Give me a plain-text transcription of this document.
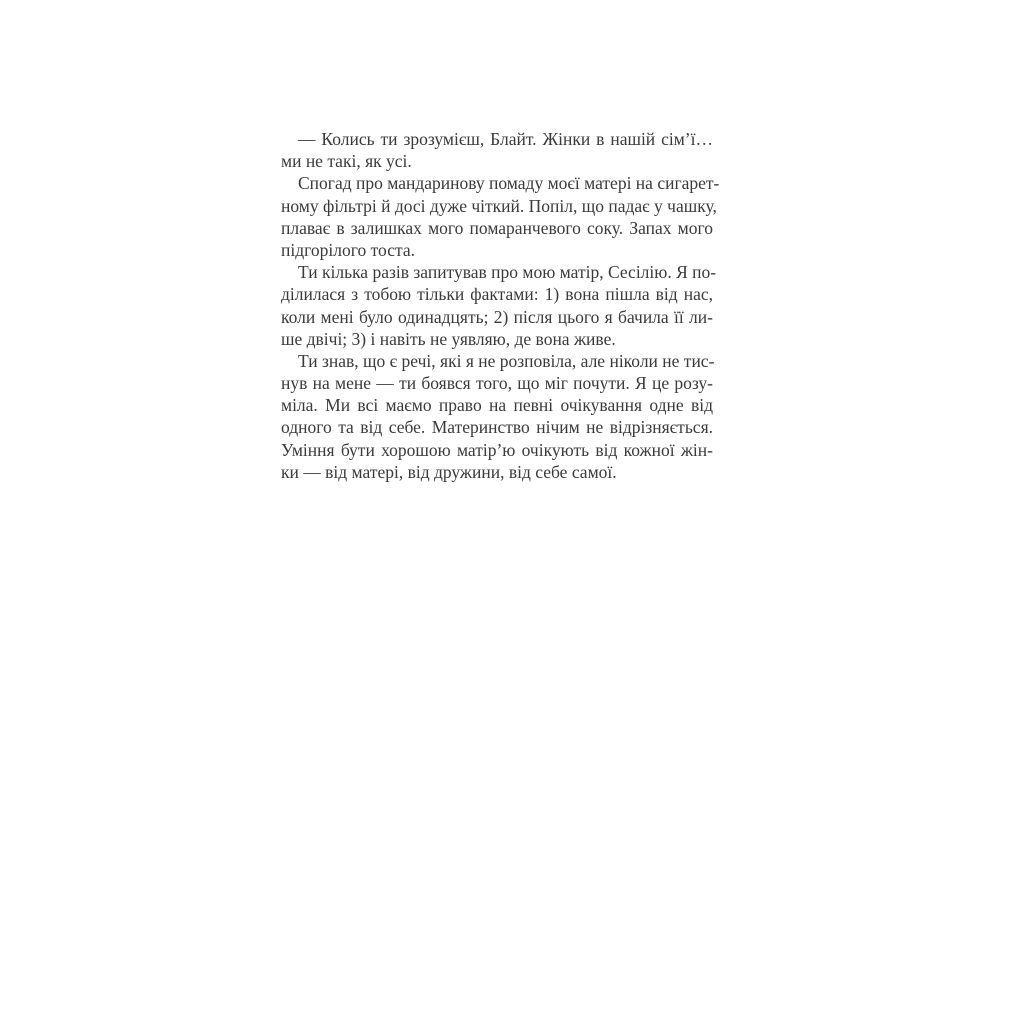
— Колись ти зрозумієш, Блайт. Жінки в нашій сім’ї…
ми не такі, як усі.
Спогад про мандаринову помаду моєї матері на сигарет-
ному фільтрі й досі дуже чіткий. Попіл, що падає у чашку,
плаває в залишках мого помаранчевого соку. Запах мого
підгорілого тоста.
Ти кілька разів запитував про мою матір, Сесілію. Я по-
ділилася з тобою тільки фактами: 1) вона пішла від нас,
коли мені було одинадцять; 2) після цього я бачила її ли-
ше двічі; 3) і навіть не уявляю, де вона живе.
Ти знав, що є речі, які я не розповіла, але ніколи не тис-
нув на мене — ти боявся того, що міг почути. Я це розу-
міла. Ми всі маємо право на певні очікування одне від
одного та від себе. Материнство нічим не відрізняється.
Уміння бути хорошою матір’ю очікують від кожної жін-
ки — від матері, від дружини, від себе самої.
